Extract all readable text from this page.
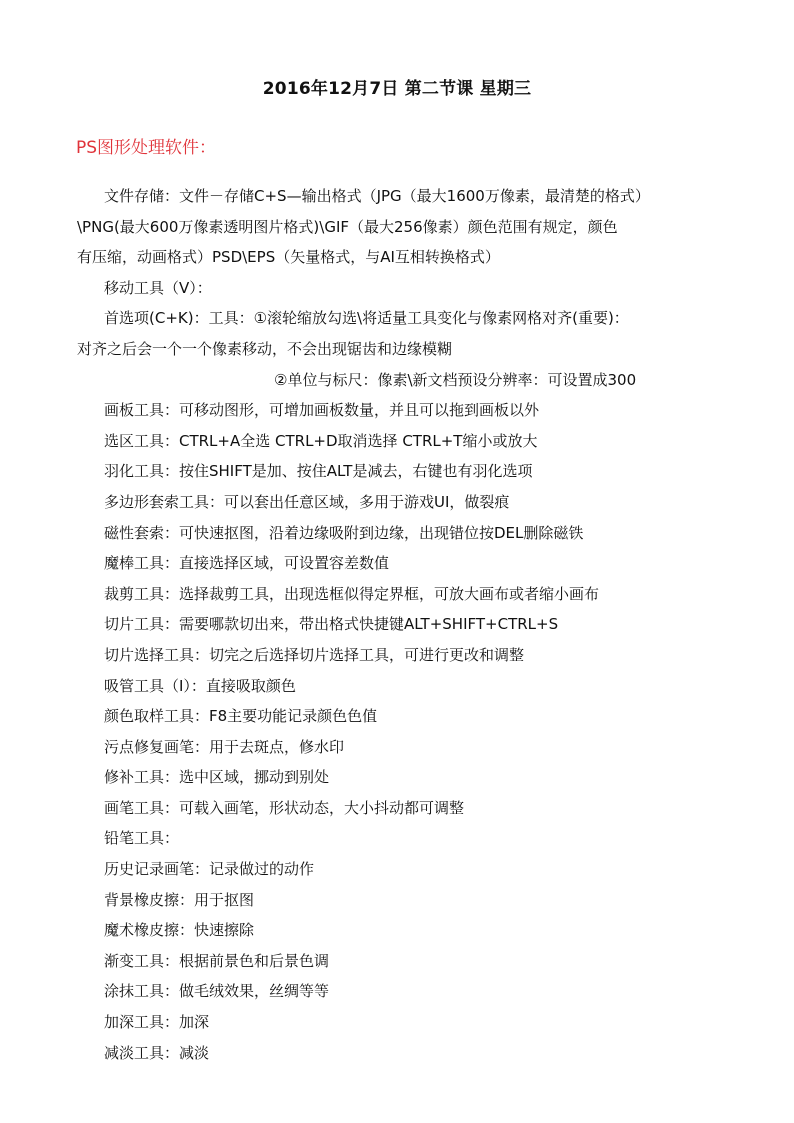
2016年12月7日 第二节课 星期三
PS图形处理软件：
文件存储：文件－存储C+S—输出格式（JPG（最大1600万像素，最清楚的格式）
\PNG(最大600万像素透明图片格式)\GIF（最大256像素）颜色范围有规定，颜色
有压缩，动画格式）PSD\EPS（矢量格式，与AI互相转换格式）
移动工具（V）：
首选项(C+K)：工具：①滚轮缩放勾选\将适量工具变化与像素网格对齐(重要)：
对齐之后会一个一个像素移动，不会出现锯齿和边缘模糊
②单位与标尺：像素\新文档预设分辨率：可设置成300
画板工具：可移动图形，可增加画板数量，并且可以拖到画板以外
选区工具：CTRL+A全选 CTRL+D取消选择 CTRL+T缩小或放大
羽化工具：按住SHIFT是加、按住ALT是减去，右键也有羽化选项
多边形套索工具：可以套出任意区域，多用于游戏UI，做裂痕
磁性套索：可快速抠图，沿着边缘吸附到边缘，出现错位按DEL删除磁铁
魔棒工具：直接选择区域，可设置容差数值
裁剪工具：选择裁剪工具，出现选框似得定界框，可放大画布或者缩小画布
切片工具：需要哪款切出来，带出格式快捷键ALT+SHIFT+CTRL+S
切片选择工具：切完之后选择切片选择工具，可进行更改和调整
吸管工具（I）：直接吸取颜色
颜色取样工具：F8主要功能记录颜色色值
污点修复画笔：用于去斑点，修水印
修补工具：选中区域，挪动到别处
画笔工具：可载入画笔，形状动态，大小抖动都可调整
铅笔工具：
历史记录画笔：记录做过的动作
背景橡皮擦：用于抠图
魔术橡皮擦：快速擦除
渐变工具：根据前景色和后景色调
涂抹工具：做毛绒效果，丝绸等等
加深工具：加深
减淡工具：减淡
